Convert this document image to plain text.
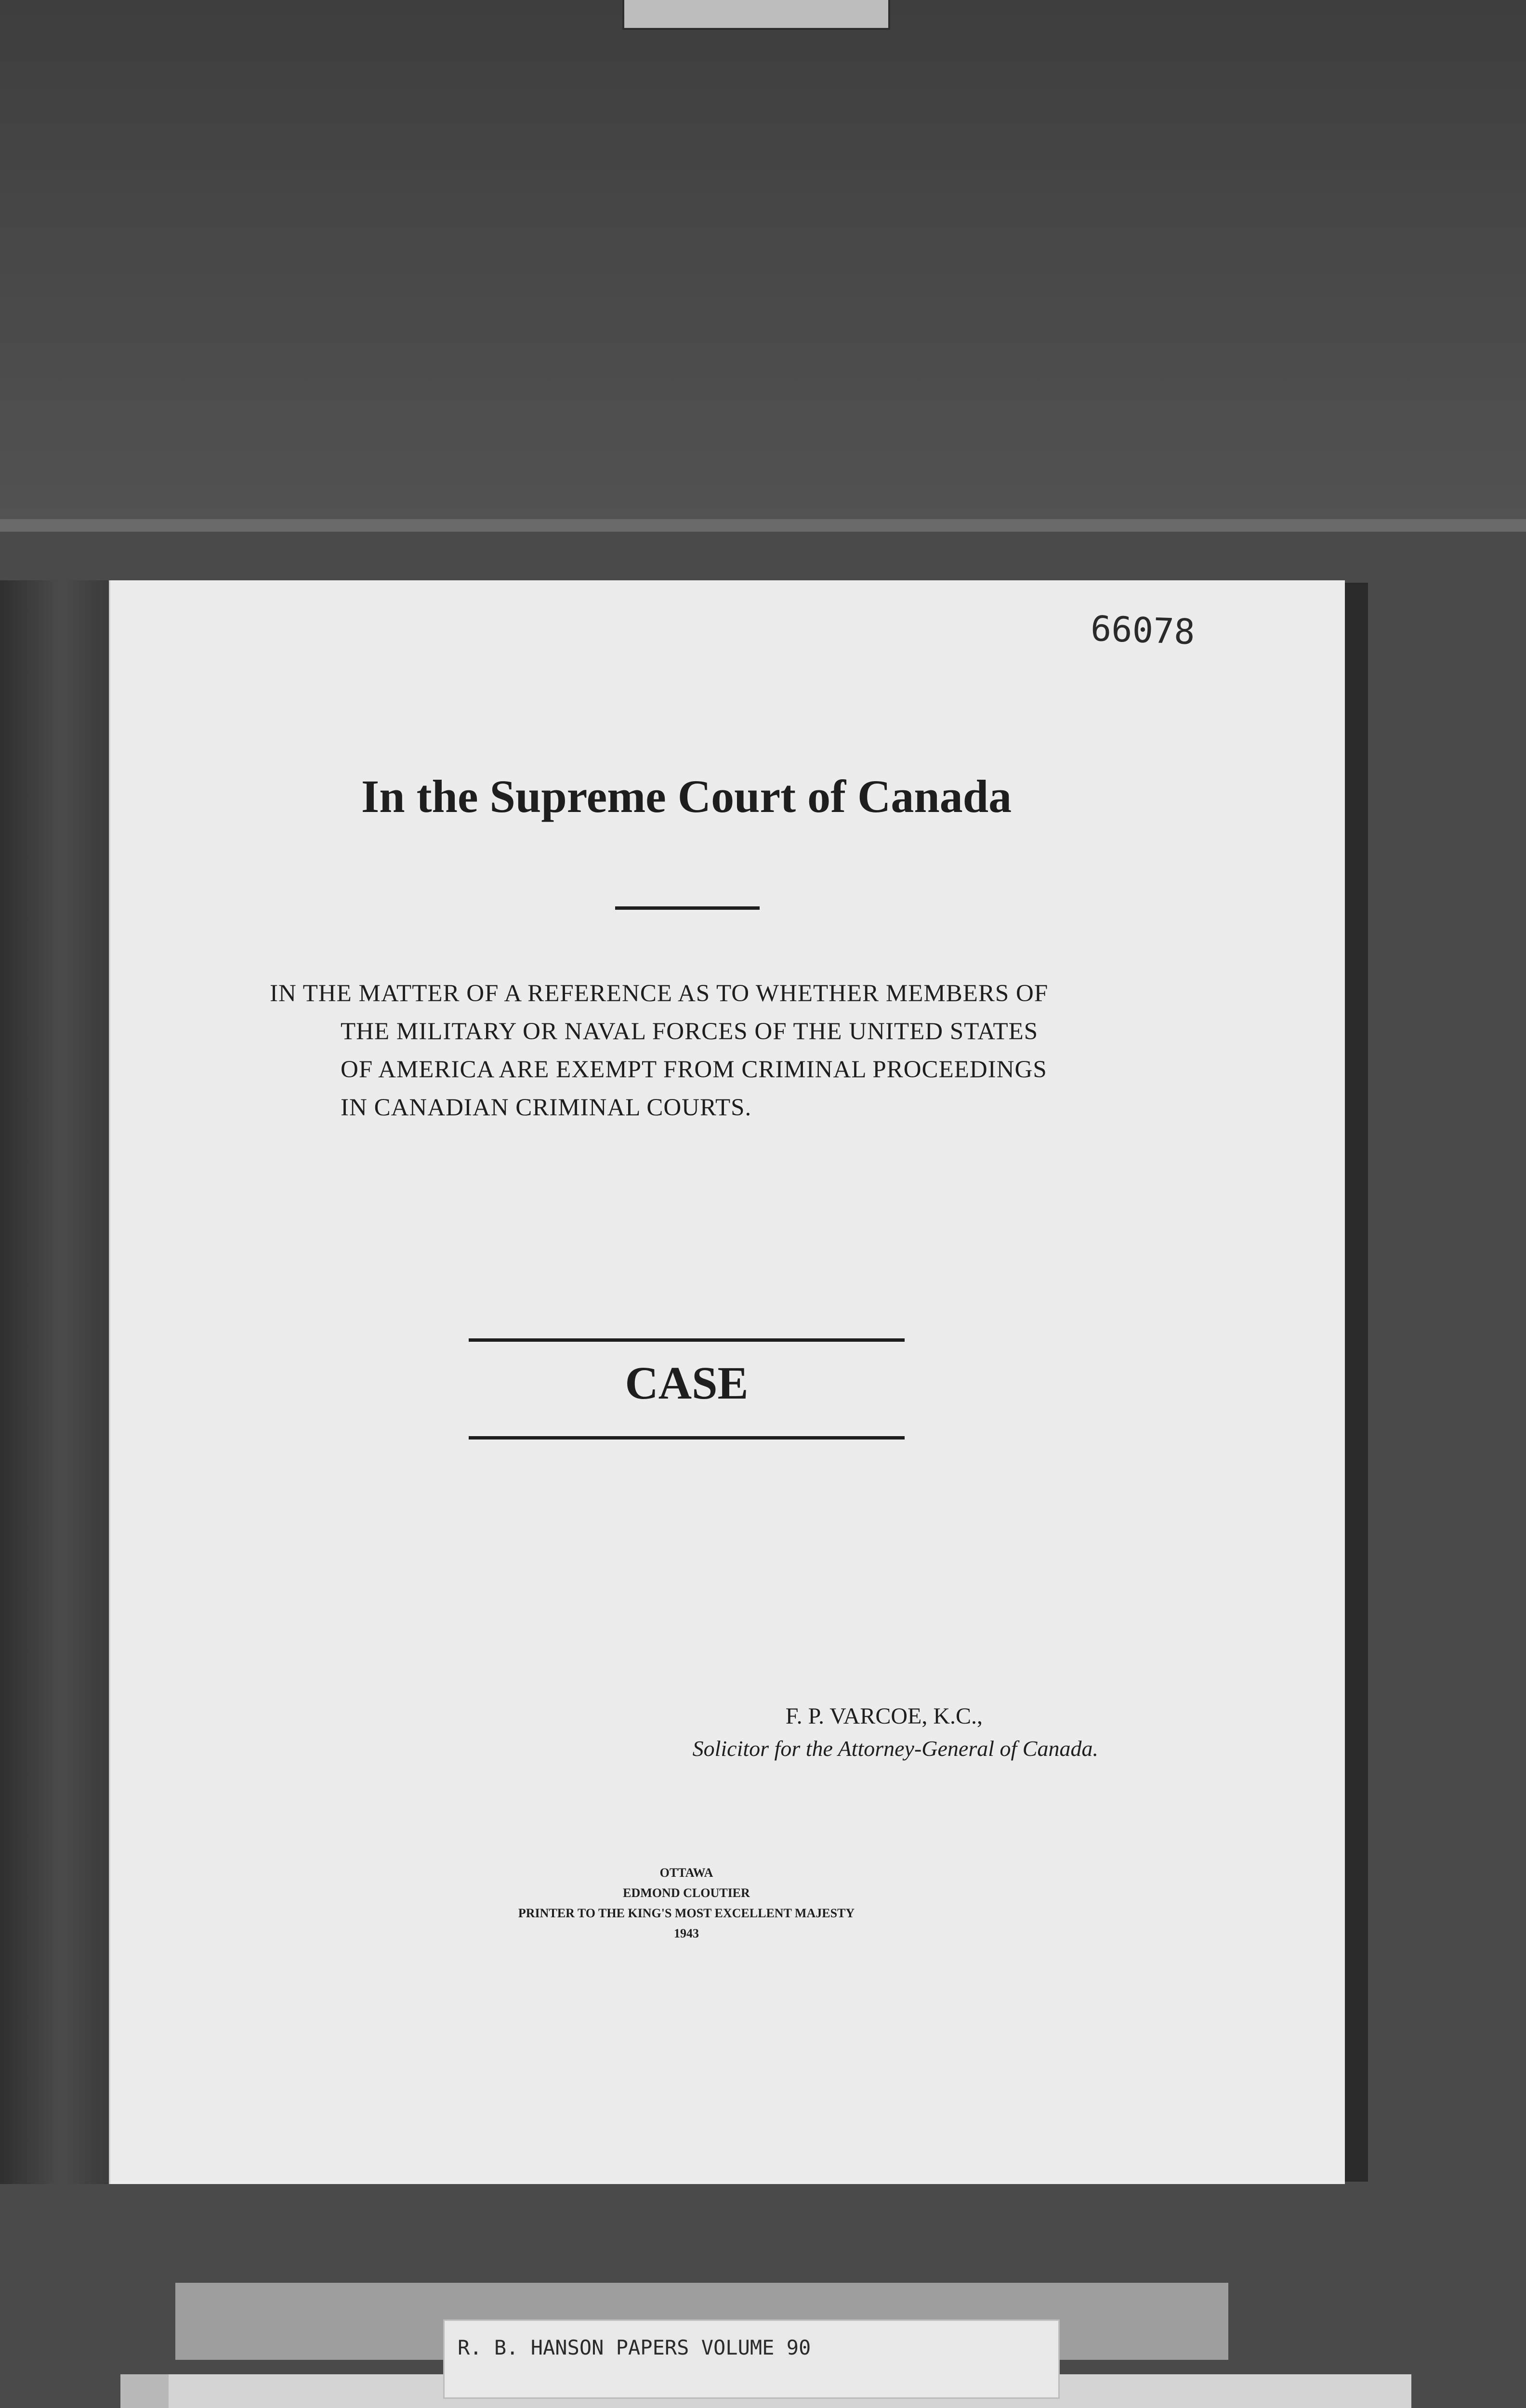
66078
In the Supreme Court of Canada
IN THE MATTER OF A REFERENCE AS TO WHETHER MEMBERS OF
THE MILITARY OR NAVAL FORCES OF THE UNITED STATES
OF AMERICA ARE EXEMPT FROM CRIMINAL PROCEEDINGS
IN CANADIAN CRIMINAL COURTS.
CASE
F. P. VARCOE, K.C.,
Solicitor for the Attorney-General of Canada.
OTTAWA
EDMOND CLOUTIER
PRINTER TO THE KING'S MOST EXCELLENT MAJESTY
1943
R. B. HANSON PAPERS VOLUME 90
